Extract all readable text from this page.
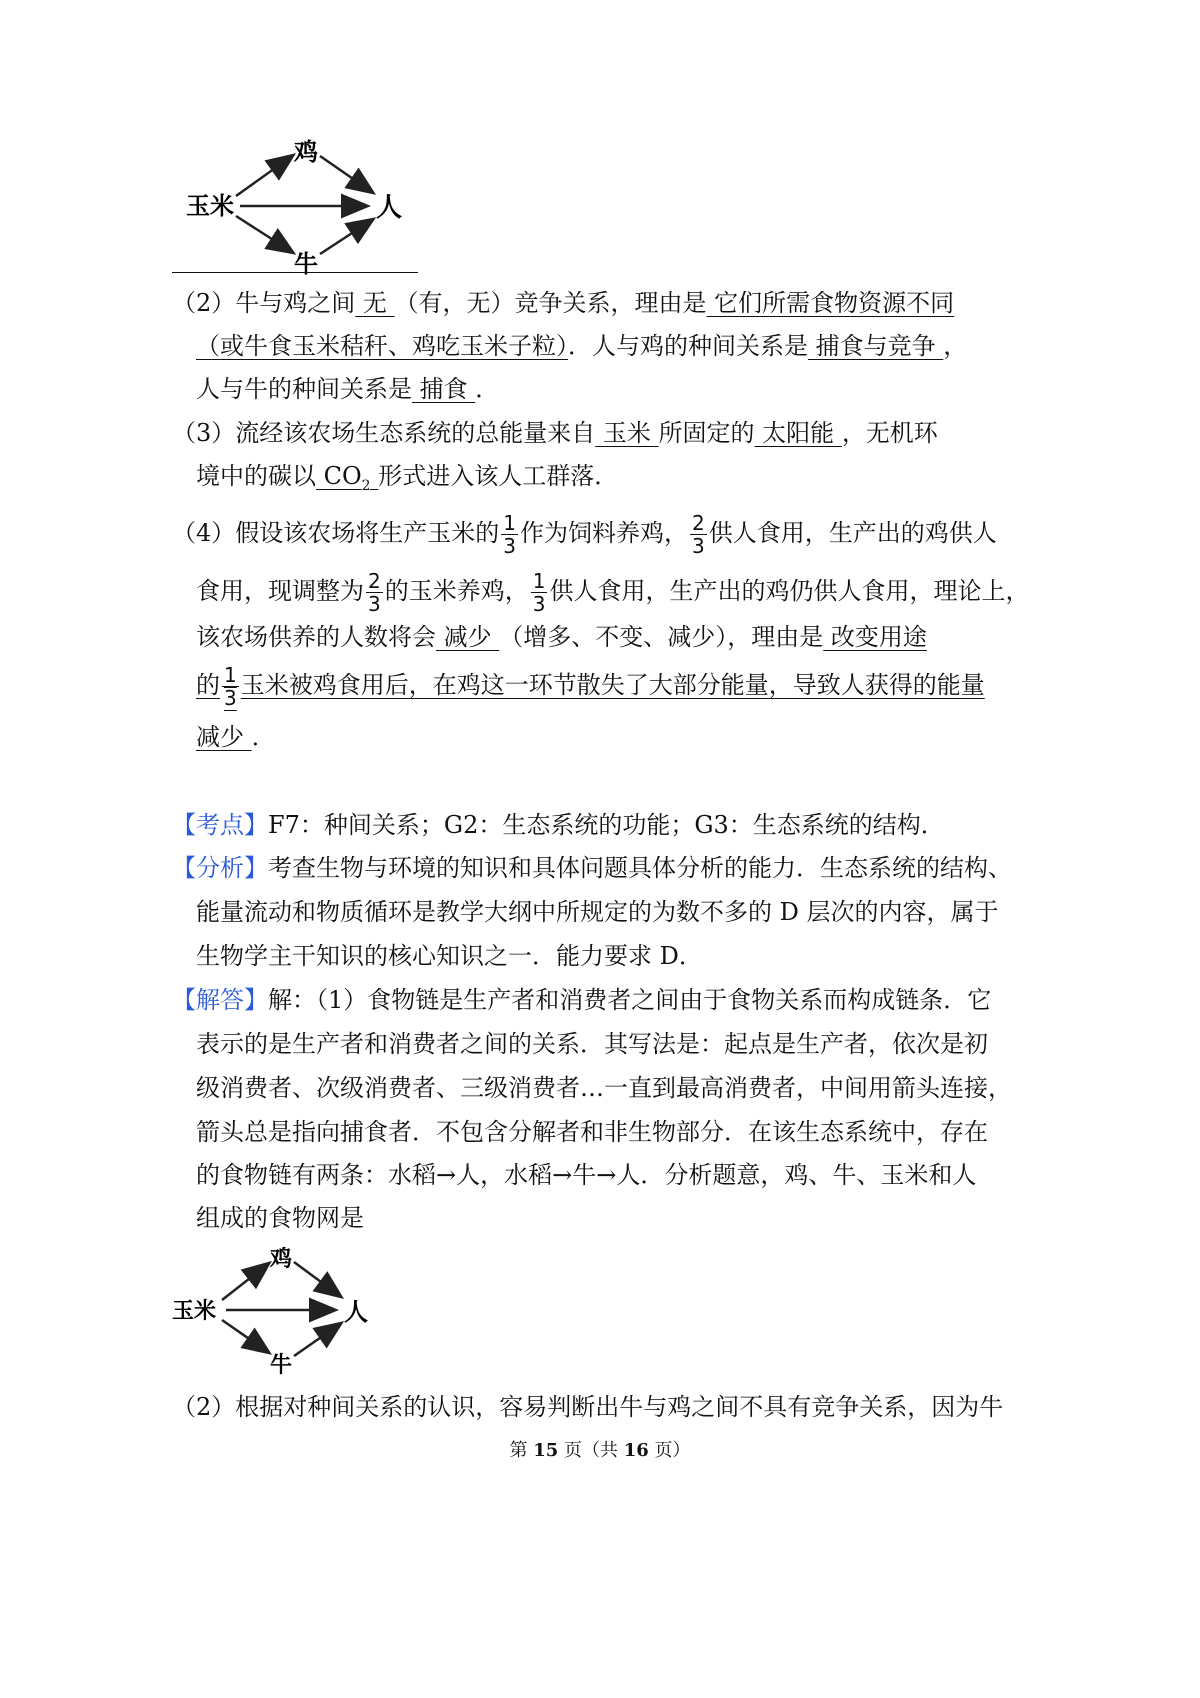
玉米
鸡
人
牛
（2）牛与鸡之间 无 （有，无）竞争关系，理由是 它们所需食物资源不同
（或牛食玉米秸秆、鸡吃玉米子粒）．人与鸡的种间关系是 捕食与竞争 ，
人与牛的种间关系是 捕食 ．
（3）流经该农场生态系统的总能量来自 玉米 所固定的 太阳能 ，无机环
境中的碳以 $CO_2$ 形式进入该人工群落．
（4）假设该农场将生产玉米的 $\frac{1}{3}$ 作为饲料养鸡， $\frac{2}{3}$ 供人食用，生产出的鸡供人
食用，现调整为 $\frac{2}{3}$ 的玉米养鸡， $\frac{1}{3}$ 供人食用，生产出的鸡仍供人食用，理论上，
该农场供养的人数将会 减少 （增多、不变、减少），理由是 改变用途
的 $\frac{1}{3}$ 玉米被鸡食用后，在鸡这一环节散失了大部分能量，导致人获得的能量
减少 ．
【考点】F7：种间关系；G2：生态系统的功能；G3：生态系统的结构．
【分析】考查生物与环境的知识和具体问题具体分析的能力．生态系统的结构、
能量流动和物质循环是教学大纲中所规定的为数不多的 D 层次的内容，属于
生物学主干知识的核心知识之一．能力要求 D．
【解答】解：（1）食物链是生产者和消费者之间由于食物关系而构成链条．它
表示的是生产者和消费者之间的关系．其写法是：起点是生产者，依次是初
级消费者、次级消费者、三级消费者…一直到最高消费者，中间用箭头连接，
箭头总是指向捕食者．不包含分解者和非生物部分．在该生态系统中，存在
的食物链有两条：水稻→人，水稻→牛→人．分析题意，鸡、牛、玉米和人
组成的食物网是
玉米
鸡
人
牛
（2）根据对种间关系的认识，容易判断出牛与鸡之间不具有竞争关系，因为牛
第 15 页（共 16 页）
